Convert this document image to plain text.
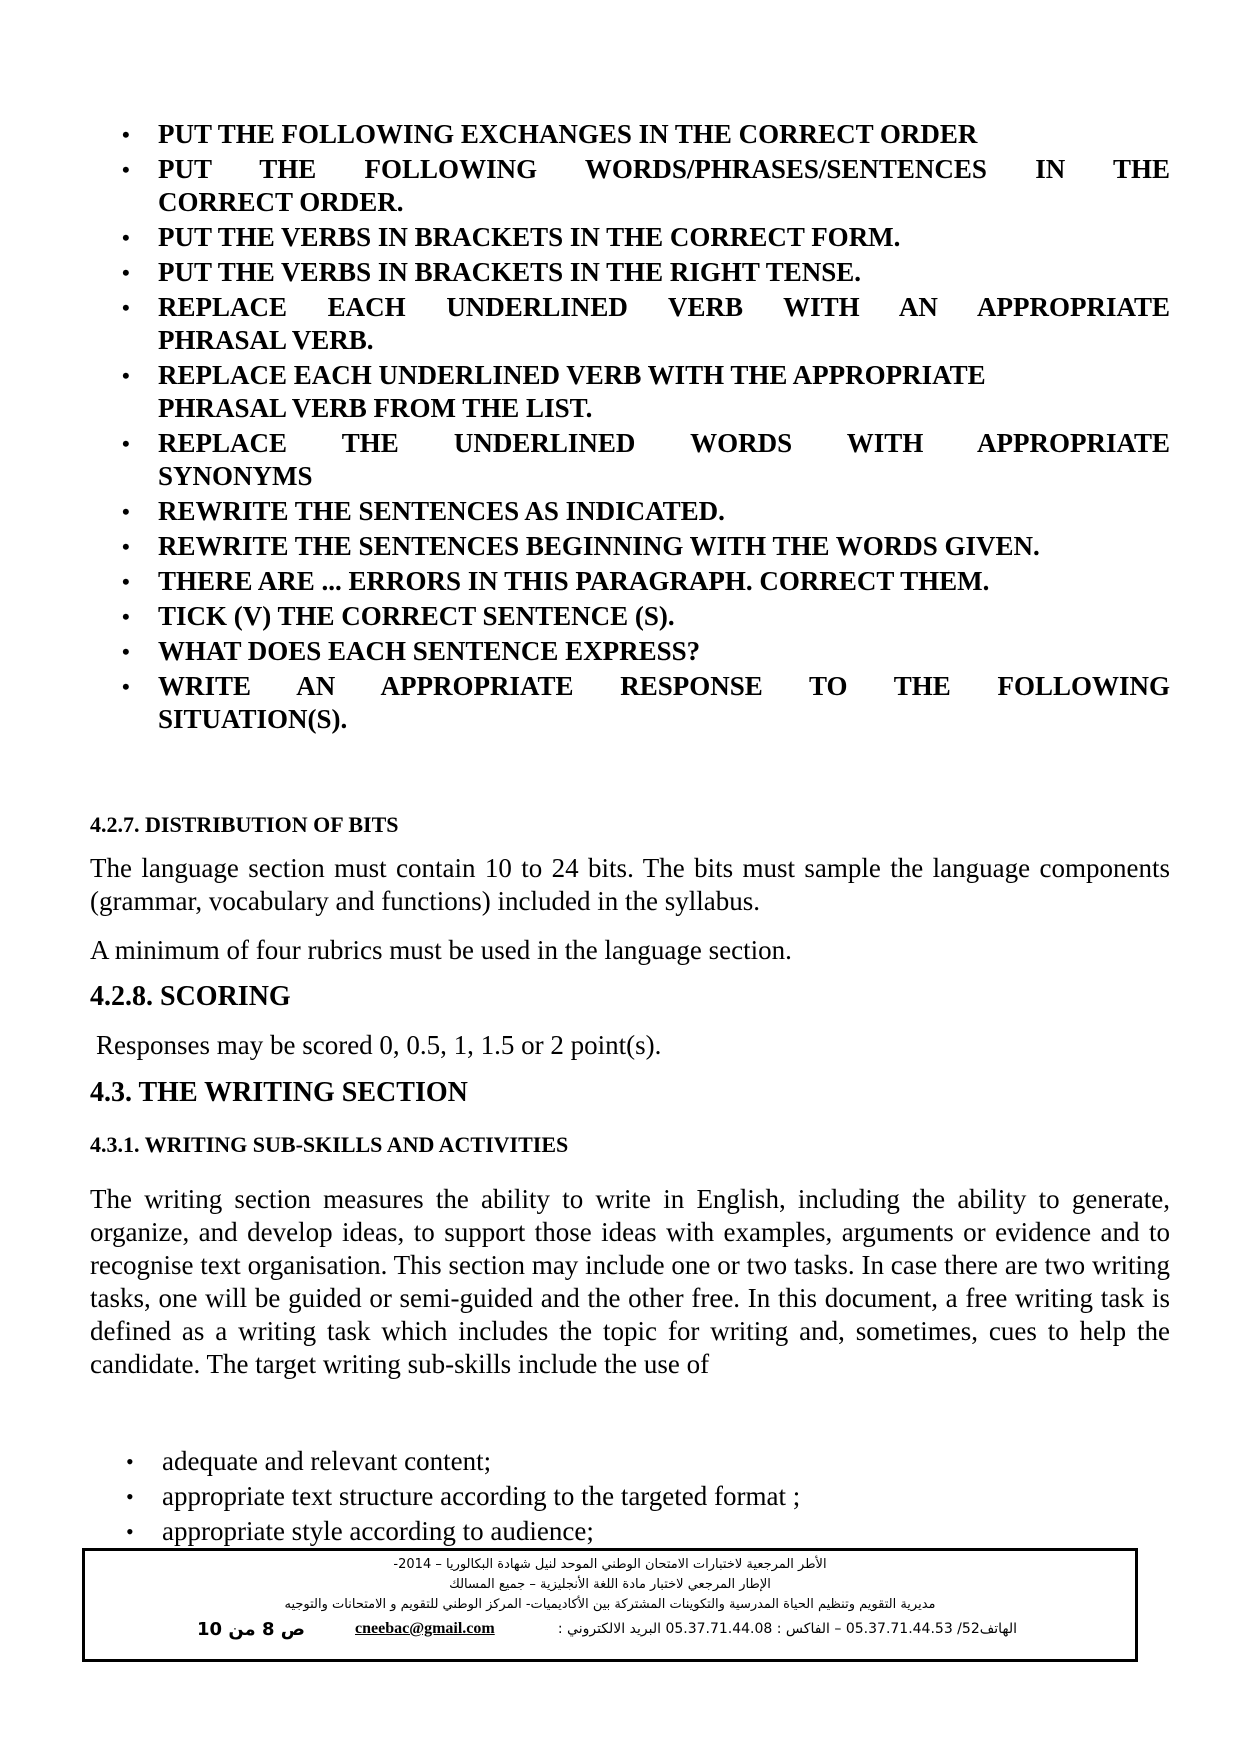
• PUT THE FOLLOWING EXCHANGES IN THE CORRECT ORDER
• PUT THE FOLLOWING WORDS/PHRASES/SENTENCES IN THE

CORRECT ORDER.
• PUT THE VERBS IN BRACKETS IN THE CORRECT FORM.
• PUT THE VERBS IN BRACKETS IN THE RIGHT TENSE.
• REPLACE EACH UNDERLINED VERB WITH AN APPROPRIATE

PHRASAL VERB.
• REPLACE EACH UNDERLINED VERB WITH THE APPROPRIATE

PHRASAL VERB FROM THE LIST.
• REPLACE THE UNDERLINED WORDS WITH APPROPRIATE

SYNONYMS
• REWRITE THE SENTENCES AS INDICATED.
• REWRITE THE SENTENCES BEGINNING WITH THE WORDS GIVEN.
• THERE ARE ... ERRORS IN THIS PARAGRAPH. CORRECT THEM.
• TICK (V) THE CORRECT SENTENCE (S).
• WHAT DOES EACH SENTENCE EXPRESS?
• WRITE AN APPROPRIATE RESPONSE TO THE FOLLOWING

SITUATION(S).
4.2.7. DISTRIBUTION OF BITS

The language section must contain 10 to 24 bits. The bits must sample the language components (grammar, vocabulary and functions) included in the syllabus.

A minimum of four rubrics must be used in the language section.

4.2.8. SCORING

Responses may be scored 0, 0.5, 1, 1.5 or 2 point(s).

4.3. THE WRITING SECTION
4.3.1. WRITING SUB-SKILLS AND ACTIVITIES

The writing section measures the ability to write in English, including the ability to generate, organize, and develop ideas, to support those ideas with examples, arguments or evidence and to recognise text organisation. This section may include one or two tasks. In case there are two writing tasks, one will be guided or semi-guided and the other free. In this document, a free writing task is defined as a writing task which includes the topic for writing and, sometimes, cues to help the candidate. The target writing sub-skills include the use of

• adequate and relevant content;
• appropriate text structure according to the targeted format ;
• appropriate style according to audience;
الأطر المرجعية لاختبارات الامتحان الوطني الموحد لنيل شهادة البكالوريا – 2014-
الإطار المرجعي لاختبار مادة اللغة الأنجليزية – جميع المسالك
مديرية التقويم وتنظيم الحياة المدرسية والتكوينات المشتركة بين الأكاديميات- المركز الوطني للتقويم و الامتحانات والتوجيه
الهاتف52/ 05.37.71.44.53 – الفاكس : 05.37.71.44.08 البريد الالكتروني :
cneebac@gmail.com
ص 8 من 10
